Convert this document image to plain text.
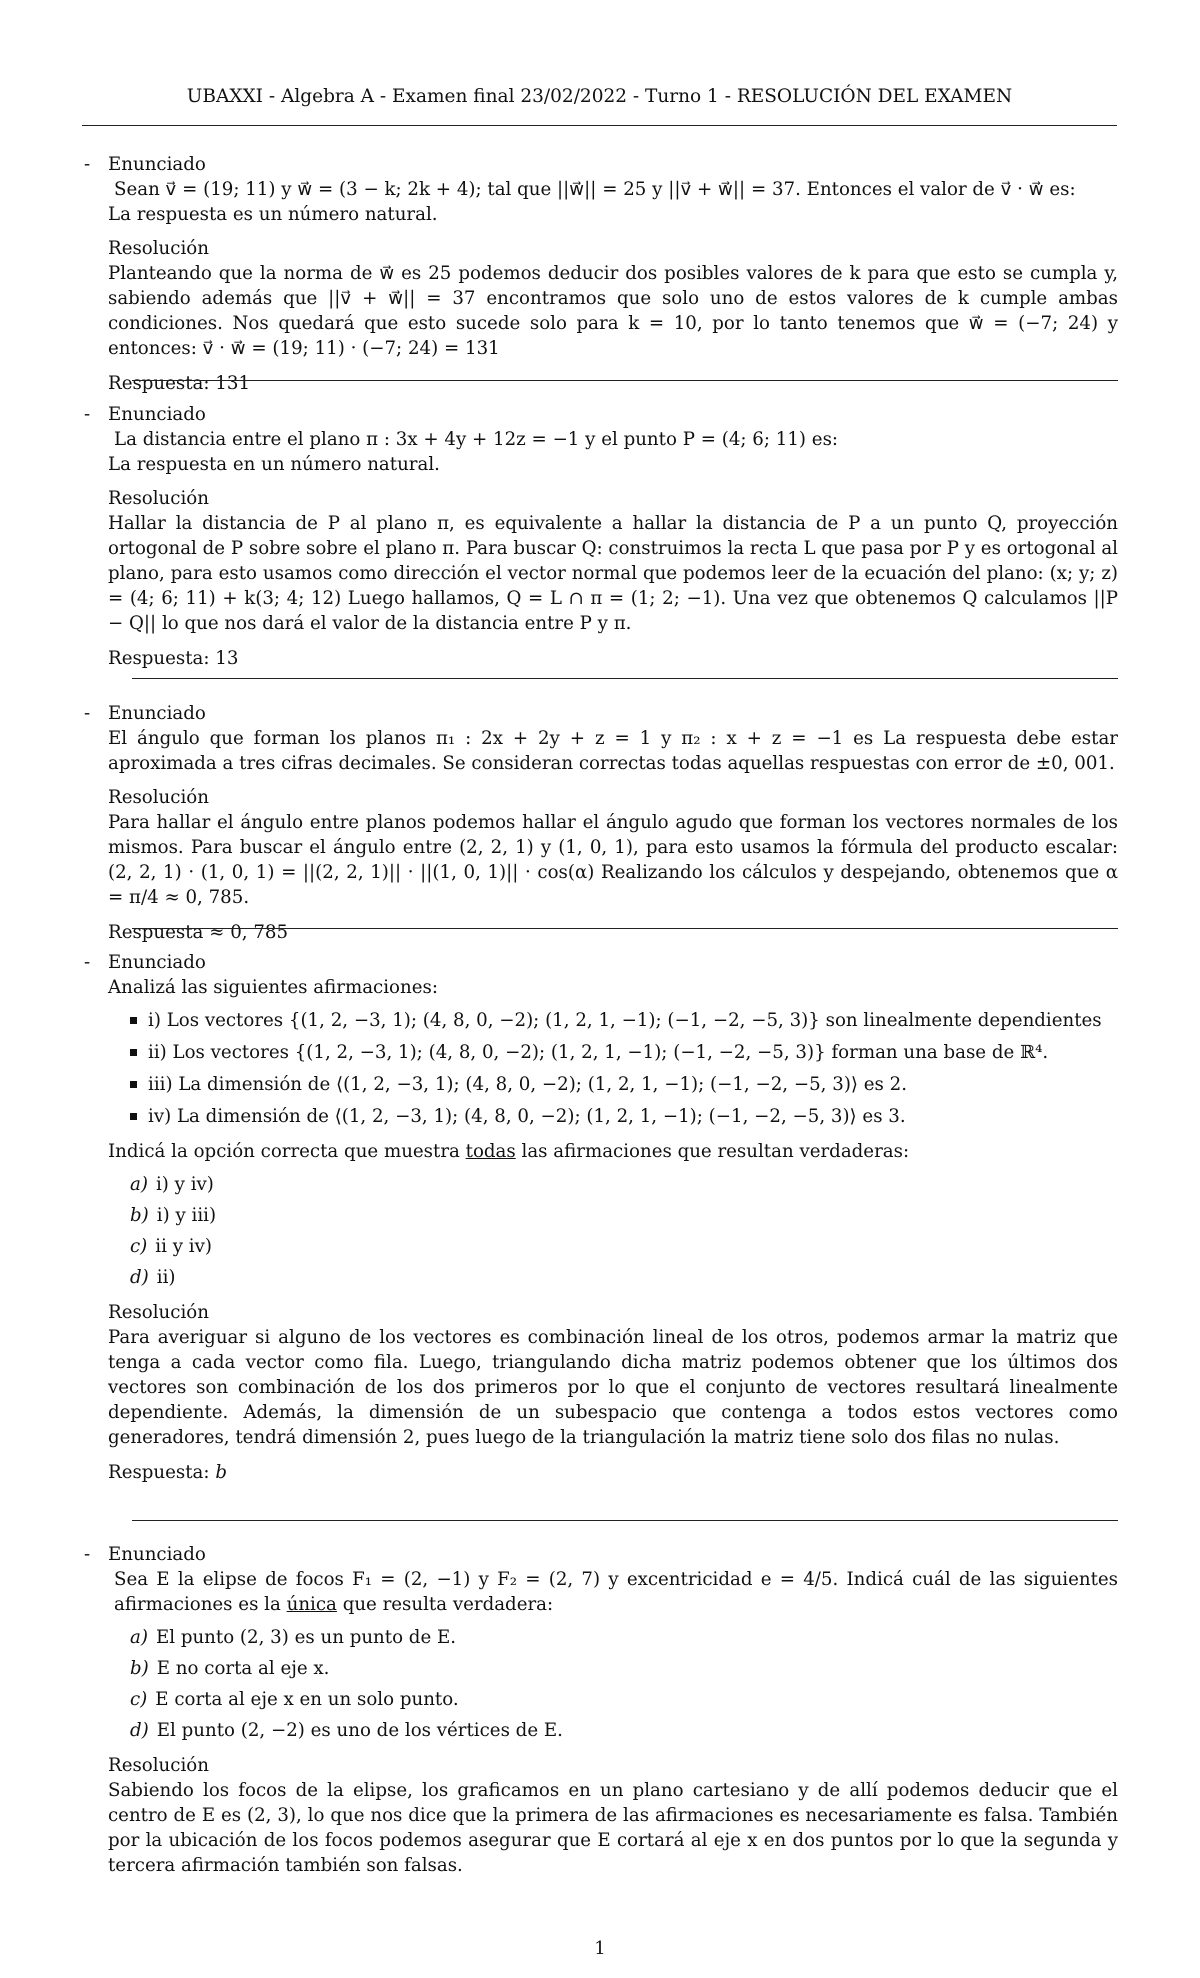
UBAXXI - Algebra A - Examen final 23/02/2022 - Turno 1 - RESOLUCIÓN DEL EXAMEN
- Enunciado
Sean v⃗ = (19; 11) y w⃗ = (3 − k; 2k + 4); tal que ||w⃗|| = 25 y ||v⃗ + w⃗|| = 37. Entonces el valor de v⃗ · w⃗ es:
La respuesta es un número natural.
Resolución
Planteando que la norma de w⃗ es 25 podemos deducir dos posibles valores de k para que esto se cumpla y, sabiendo además que ||v⃗ + w⃗|| = 37 encontramos que solo uno de estos valores de k cumple ambas condiciones. Nos quedará que esto sucede solo para k = 10, por lo tanto tenemos que w⃗ = (−7; 24) y entonces: v⃗ · w⃗ = (19; 11) · (−7; 24) = 131
Respuesta: 131
- Enunciado
La distancia entre el plano π : 3x + 4y + 12z = −1 y el punto P = (4; 6; 11) es:
La respuesta en un número natural.
Resolución
Hallar la distancia de P al plano π, es equivalente a hallar la distancia de P a un punto Q, proyección ortogonal de P sobre sobre el plano π. Para buscar Q: construimos la recta L que pasa por P y es ortogonal al plano, para esto usamos como dirección el vector normal que podemos leer de la ecuación del plano: (x; y; z) = (4; 6; 11) + k(3; 4; 12) Luego hallamos, Q = L ∩ π = (1; 2; −1). Una vez que obtenemos Q calculamos ||P − Q|| lo que nos dará el valor de la distancia entre P y π.
Respuesta: 13
- Enunciado
El ángulo que forman los planos π₁ : 2x + 2y + z = 1 y π₂ : x + z = −1 es La respuesta debe estar aproximada a tres cifras decimales. Se consideran correctas todas aquellas respuestas con error de ±0, 001.
Resolución
Para hallar el ángulo entre planos podemos hallar el ángulo agudo que forman los vectores normales de los mismos. Para buscar el ángulo entre (2, 2, 1) y (1, 0, 1), para esto usamos la fórmula del producto escalar: (2, 2, 1) · (1, 0, 1) = ||(2, 2, 1)|| · ||(1, 0, 1)|| · cos(α) Realizando los cálculos y despejando, obtenemos que α = π/4 ≈ 0, 785.
Respuesta ≈ 0, 785
- Enunciado
Analizá las siguientes afirmaciones:
i) Los vectores {(1, 2, −3, 1); (4, 8, 0, −2); (1, 2, 1, −1); (−1, −2, −5, 3)} son linealmente dependientes
ii) Los vectores {(1, 2, −3, 1); (4, 8, 0, −2); (1, 2, 1, −1); (−1, −2, −5, 3)} forman una base de ℝ⁴.
iii) La dimensión de ⟨(1, 2, −3, 1); (4, 8, 0, −2); (1, 2, 1, −1); (−1, −2, −5, 3)⟩ es 2.
iv) La dimensión de ⟨(1, 2, −3, 1); (4, 8, 0, −2); (1, 2, 1, −1); (−1, −2, −5, 3)⟩ es 3.
Indicá la opción correcta que muestra todas las afirmaciones que resultan verdaderas:
a) i) y iv)
b) i) y iii)
c) ii y iv)
d) ii)
Resolución
Para averiguar si alguno de los vectores es combinación lineal de los otros, podemos armar la matriz que tenga a cada vector como fila. Luego, triangulando dicha matriz podemos obtener que los últimos dos vectores son combinación de los dos primeros por lo que el conjunto de vectores resultará linealmente dependiente. Además, la dimensión de un subespacio que contenga a todos estos vectores como generadores, tendrá dimensión 2, pues luego de la triangulación la matriz tiene solo dos filas no nulas.
Respuesta: b
- Enunciado
Sea E la elipse de focos F₁ = (2, −1) y F₂ = (2, 7) y excentricidad e = 4/5. Indicá cuál de las siguientes afirmaciones es la única que resulta verdadera:
a) El punto (2, 3) es un punto de E.
b) E no corta al eje x.
c) E corta al eje x en un solo punto.
d) El punto (2, −2) es uno de los vértices de E.
Resolución
Sabiendo los focos de la elipse, los graficamos en un plano cartesiano y de allí podemos deducir que el centro de E es (2, 3), lo que nos dice que la primera de las afirmaciones es necesariamente es falsa. También por la ubicación de los focos podemos asegurar que E cortará al eje x en dos puntos por lo que la segunda y tercera afirmación también son falsas.
1
